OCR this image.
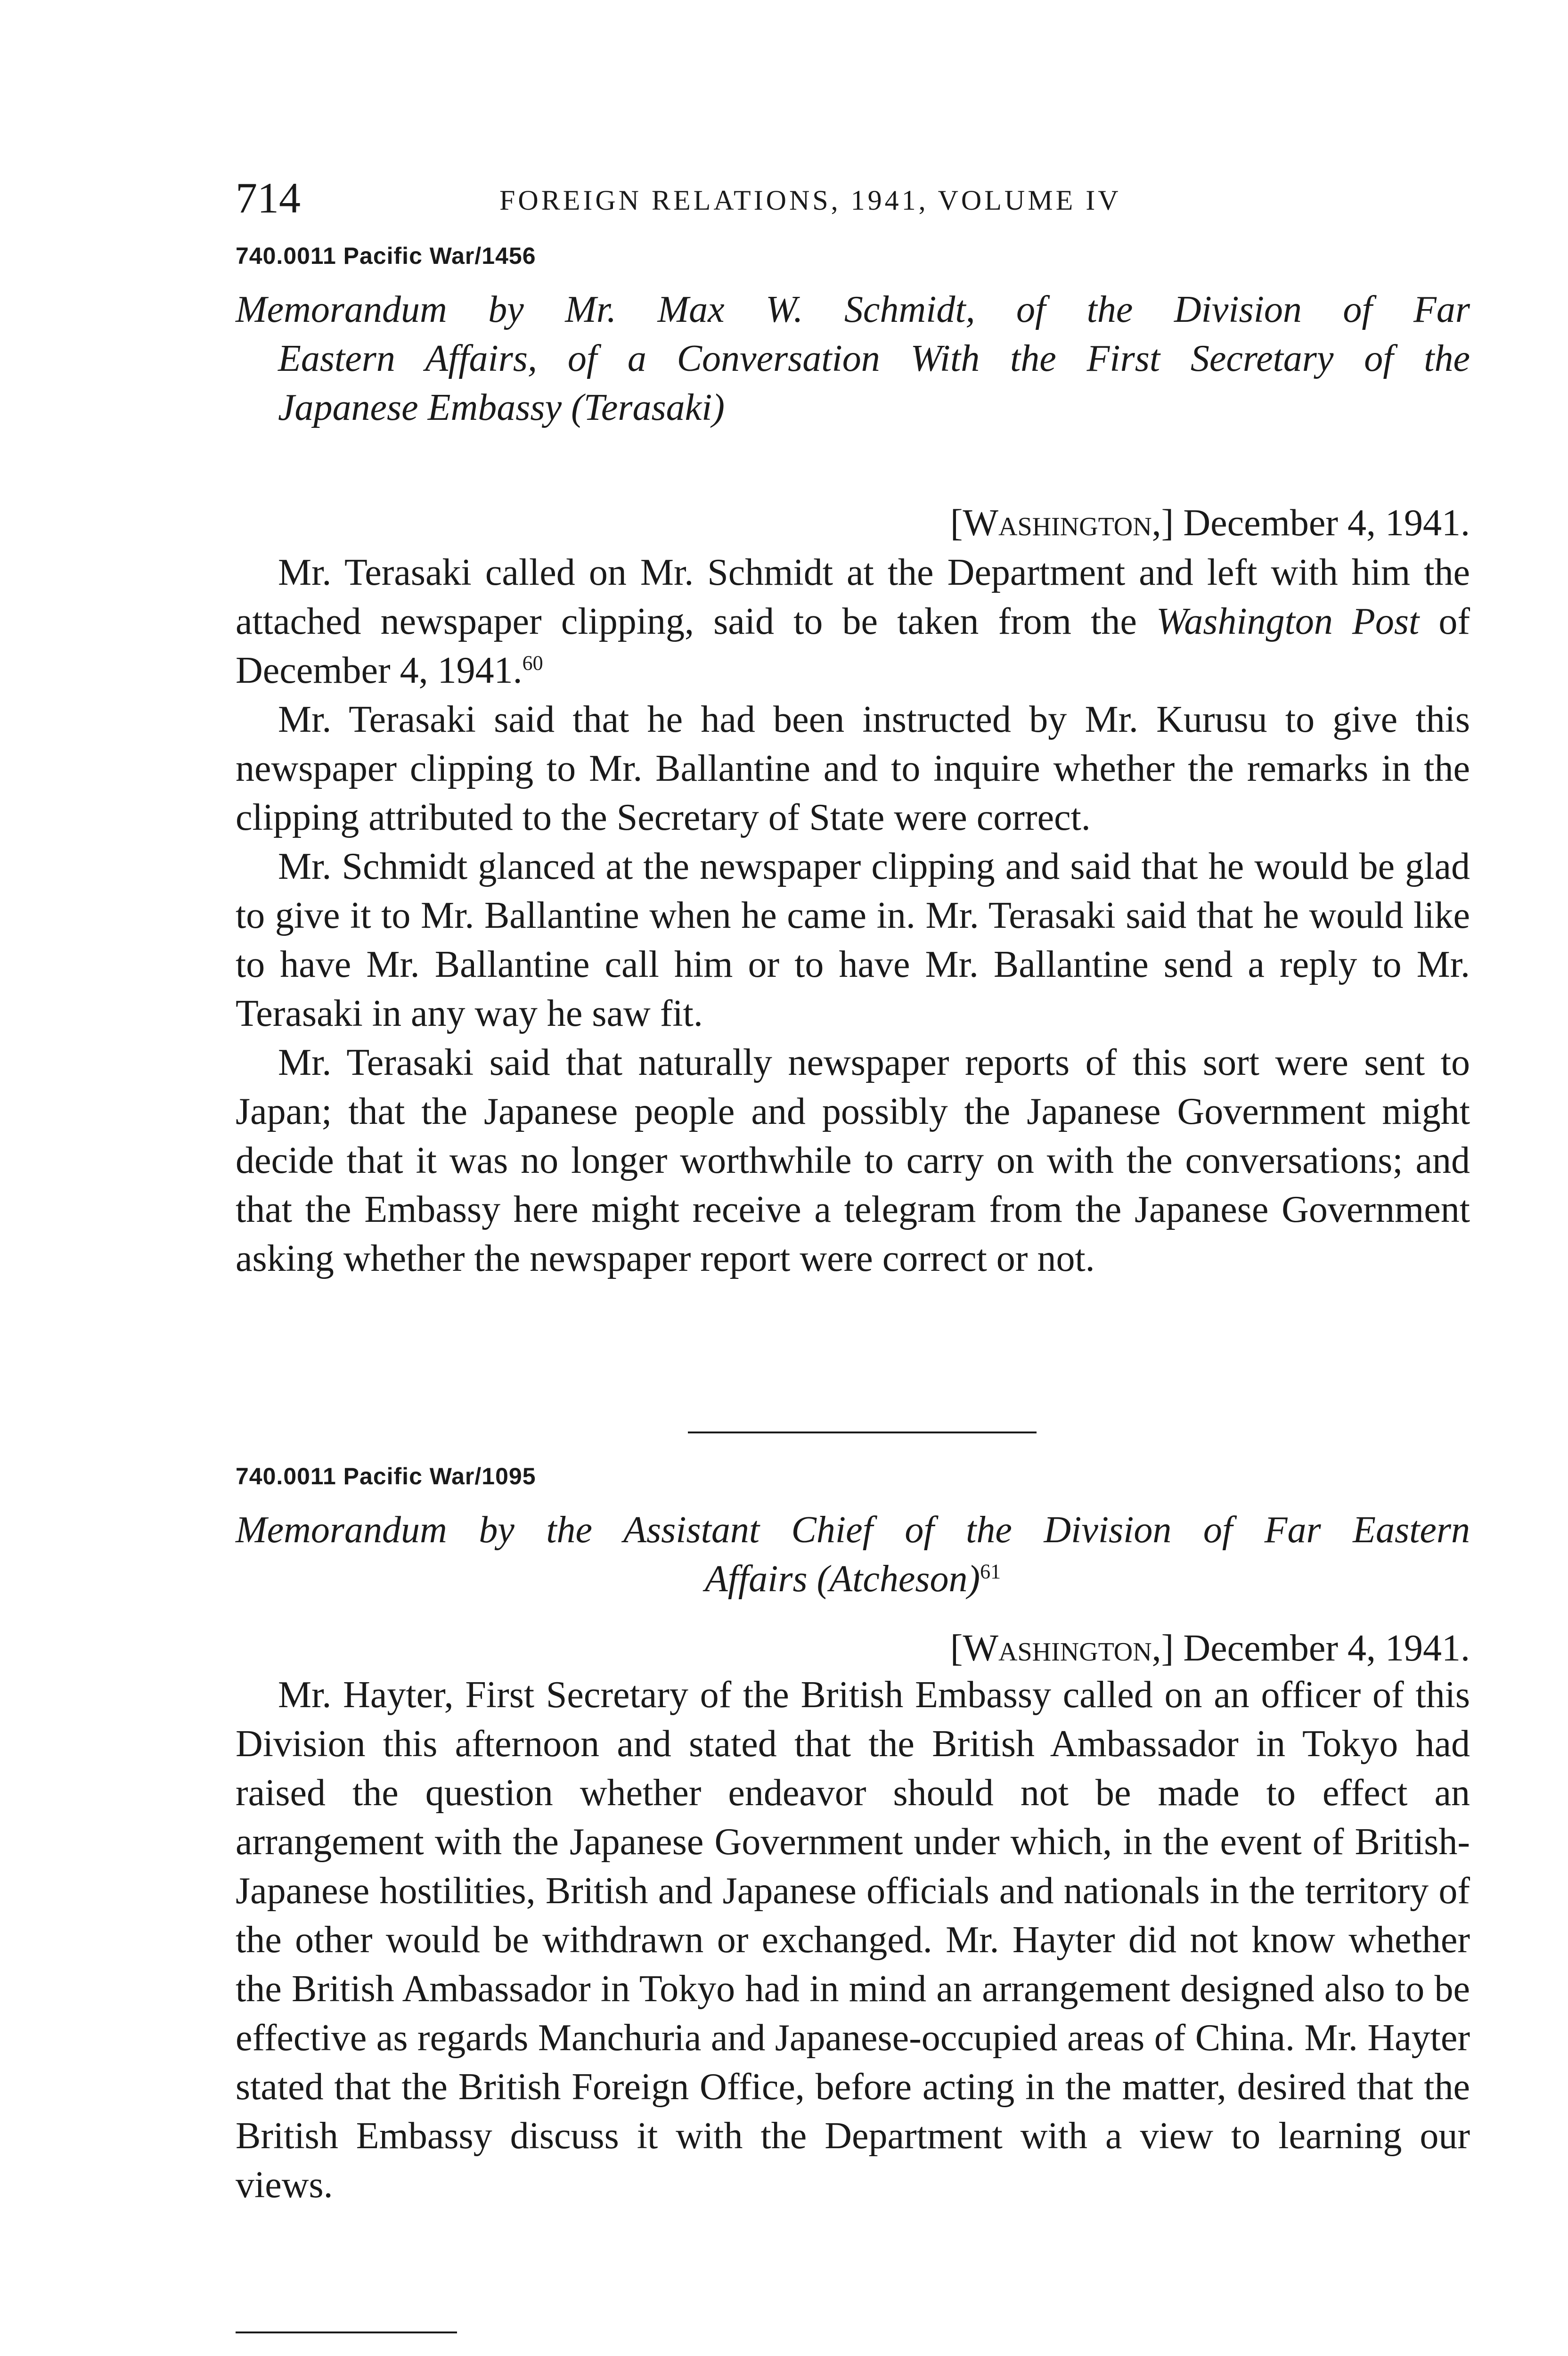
714	FOREIGN RELATIONS, 1941, VOLUME IV
740.0011 Pacific War/1456
Memorandum by Mr. Max W. Schmidt, of the Division of Far
Eastern Affairs, of a Conversation With the First Secretary of the
Japanese Embassy (Terasaki)
[Washington,] December 4, 1941.

Mr. Terasaki called on Mr. Schmidt at the Department and left with him the attached newspaper clipping, said to be taken from the Washington Post of December 4, 1941.60

Mr. Terasaki said that he had been instructed by Mr. Kurusu to give this newspaper clipping to Mr. Ballantine and to inquire whether the remarks in the clipping attributed to the Secretary of State were correct.

Mr. Schmidt glanced at the newspaper clipping and said that he would be glad to give it to Mr. Ballantine when he came in. Mr. Terasaki said that he would like to have Mr. Ballantine call him or to have Mr. Ballantine send a reply to Mr. Terasaki in any way he saw fit.

Mr. Terasaki said that naturally newspaper reports of this sort were sent to Japan; that the Japanese people and possibly the Japanese Government might decide that it was no longer worthwhile to carry on with the conversations; and that the Embassy here might receive a telegram from the Japanese Government asking whether the newspaper report were correct or not.

740.0011 Pacific War/1095
Memorandum by the Assistant Chief of the Division of Far Eastern
Affairs (Atcheson)$^{61}$
[Washington,] December 4, 1941.

Mr. Hayter, First Secretary of the British Embassy called on an officer of this Division this afternoon and stated that the British Ambassador in Tokyo had raised the question whether endeavor should not be made to effect an arrangement with the Japanese Government under which, in the event of British-Japanese hostilities, British and Japanese officials and nationals in the territory of the other would be withdrawn or exchanged. Mr. Hayter did not know whether the British Ambassador in Tokyo had in mind an arrangement designed also to be effective as regards Manchuria and Japanese-occupied areas of China. Mr. Hayter stated that the British Foreign Office, before acting in the matter, desired that the British Embassy discuss it with the Department with a view to learning our views.
